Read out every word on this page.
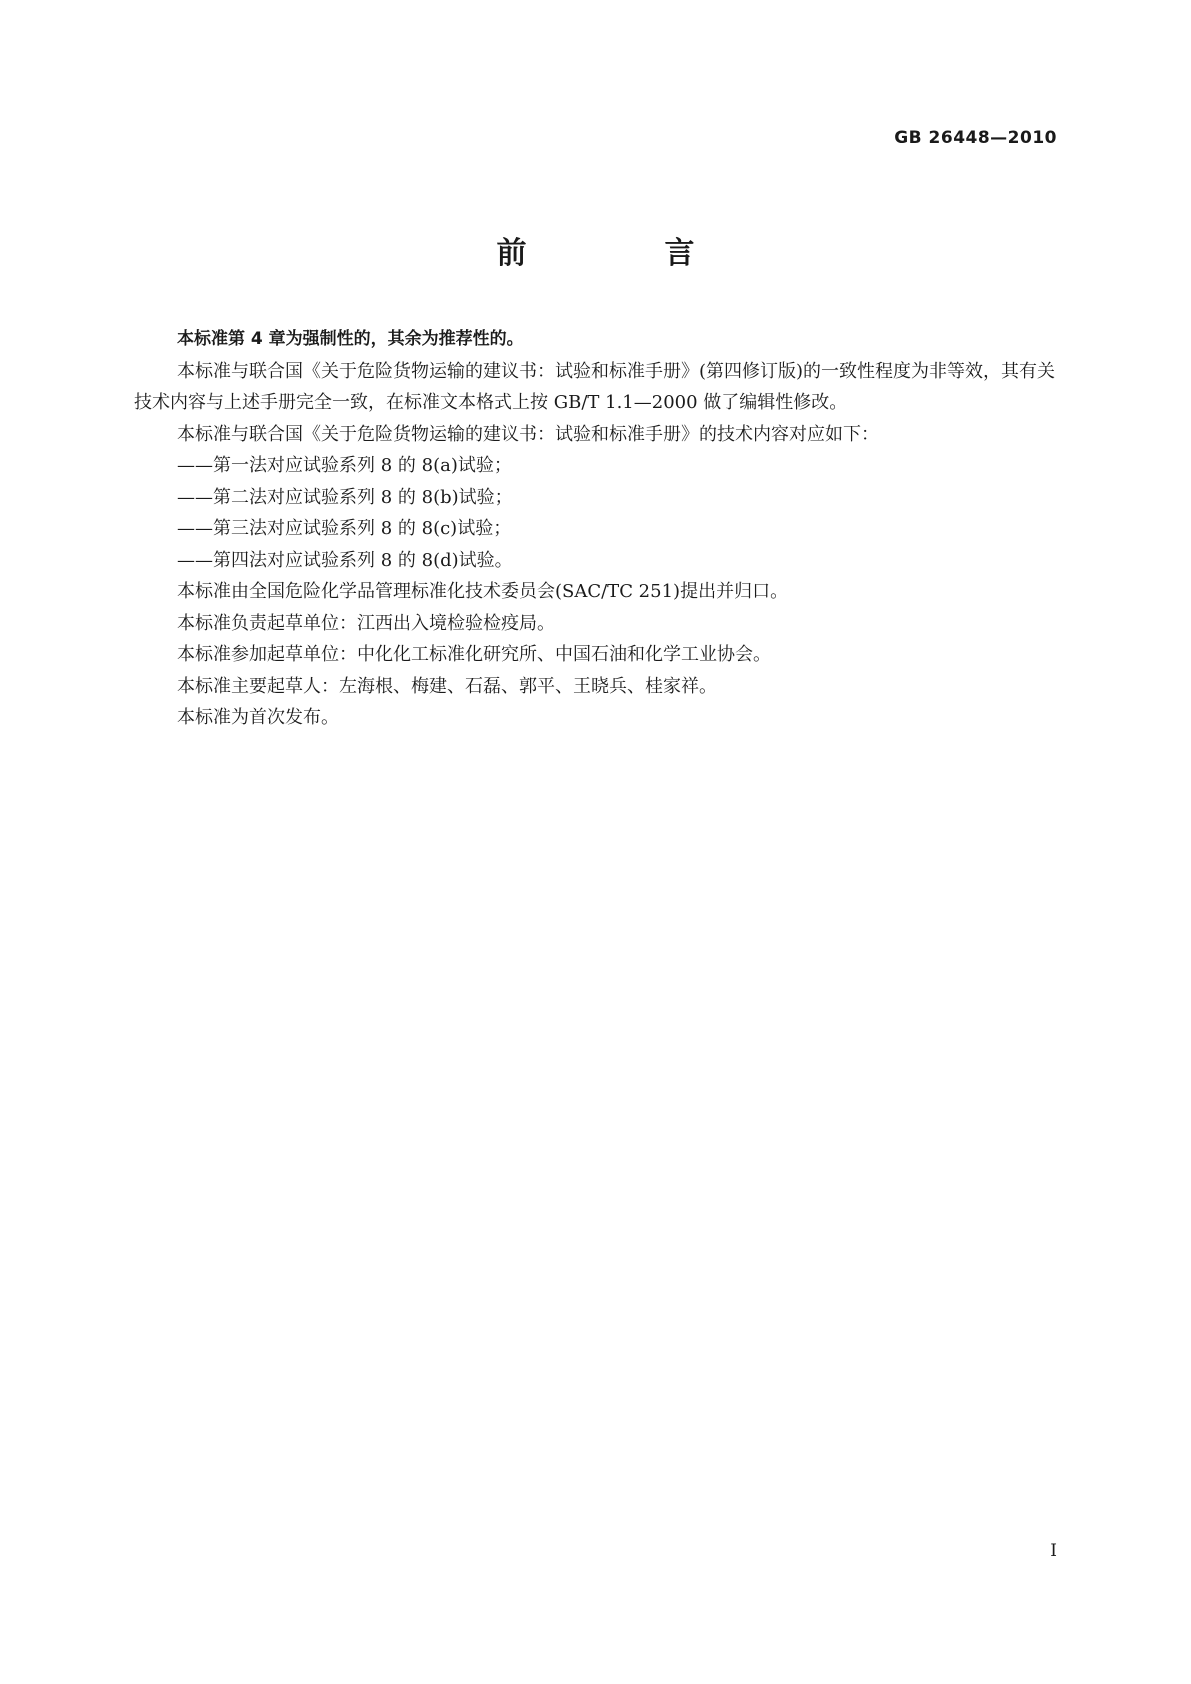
GB 26448—2010
前　言

本标准第 4 章为强制性的，其余为推荐性的。

本标准与联合国《关于危险货物运输的建议书：试验和标准手册》(第四修订版)的一致性程度为非等效，其有关技术内容与上述手册完全一致，在标准文本格式上按 GB/T 1.1—2000 做了编辑性修改。

本标准与联合国《关于危险货物运输的建议书：试验和标准手册》的技术内容对应如下：

——第一法对应试验系列 8 的 8(a)试验；

——第二法对应试验系列 8 的 8(b)试验；

——第三法对应试验系列 8 的 8(c)试验；

——第四法对应试验系列 8 的 8(d)试验。

本标准由全国危险化学品管理标准化技术委员会(SAC/TC 251)提出并归口。

本标准负责起草单位：江西出入境检验检疫局。

本标准参加起草单位：中化化工标准化研究所、中国石油和化学工业协会。

本标准主要起草人：左海根、梅建、石磊、郭平、王晓兵、桂家祥。

本标准为首次发布。

I
